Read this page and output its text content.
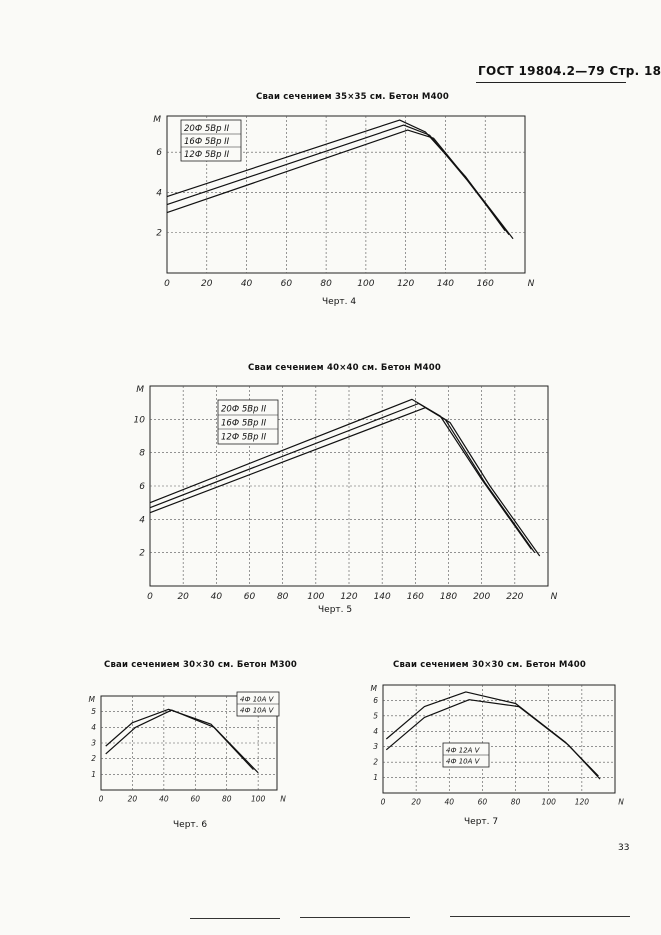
ГОСТ 19804.2—79 Стр. 18
Сваи сечением 35×35 см. Бетон М400
0	20	40	60	80	100	120	140	160
2
4
6
M
N
20Ф 5Вр II
16Ф 5Вр II
12Ф 5Вр II
Черт. 4
Сваи сечением 40×40 см. Бетон М400
0	20 40 60 80 100 120 140 160 180 200 220
2
4
6
8
10
M
N
20Ф 5Вр II
16Ф 5Вр II
12Ф 5Вр II
Черт. 5
Сваи сечением 30×30 см. Бетон М300
0	20	40	60	80	100
1
2
3
4
5
M
N
4Ф 10А V
4Ф 10А V
Черт. 6
Сваи сечением 30×30 см. Бетон М400
0	20	40	60	80	100	120
1
2
3
4
5
6
M
N
4Ф 12А V
4Ф 10А V
Черт. 7
33
